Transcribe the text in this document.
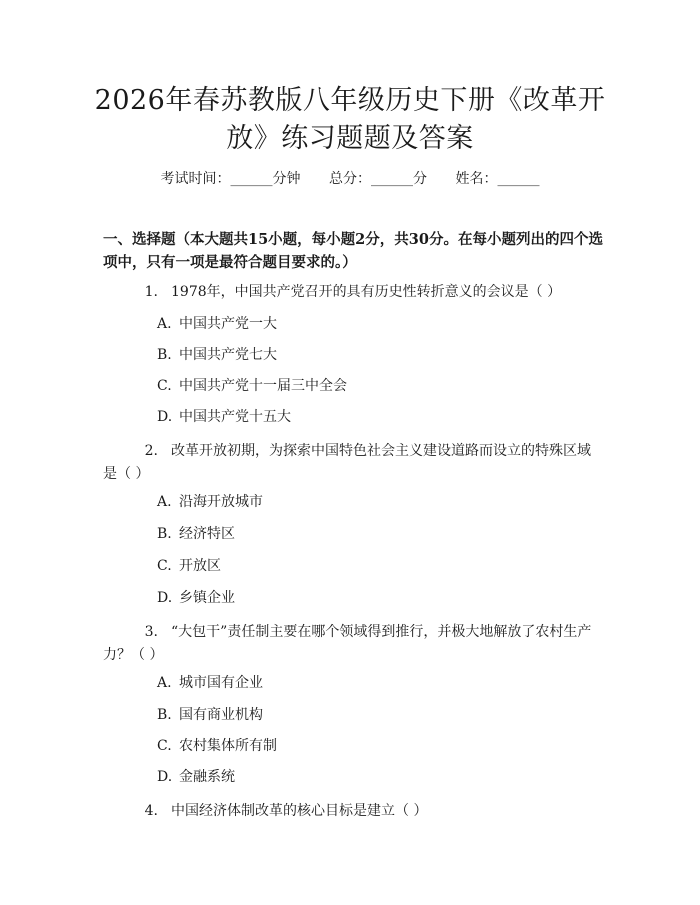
2026年春苏教版八年级历史下册《改革开
放》练习题题及答案
考试时间：______分钟 总分：______分 姓名：______
一、选择题（本大题共15小题，每小题2分，共30分。在每小题列出的四个选项中，只有一项是最符合题目要求的。）
1. 1978年，中国共产党召开的具有历史性转折意义的会议是（ ）
A. 中国共产党一大
B. 中国共产党七大
C. 中国共产党十一届三中全会
D. 中国共产党十五大
2. 改革开放初期，为探索中国特色社会主义建设道路而设立的特殊区域是（ ）
A. 沿海开放城市
B. 经济特区
C. 开放区
D. 乡镇企业
3. “大包干”责任制主要在哪个领域得到推行，并极大地解放了农村生产力？（ ）
A. 城市国有企业
B. 国有商业机构
C. 农村集体所有制
D. 金融系统
4. 中国经济体制改革的核心目标是建立（ ）
